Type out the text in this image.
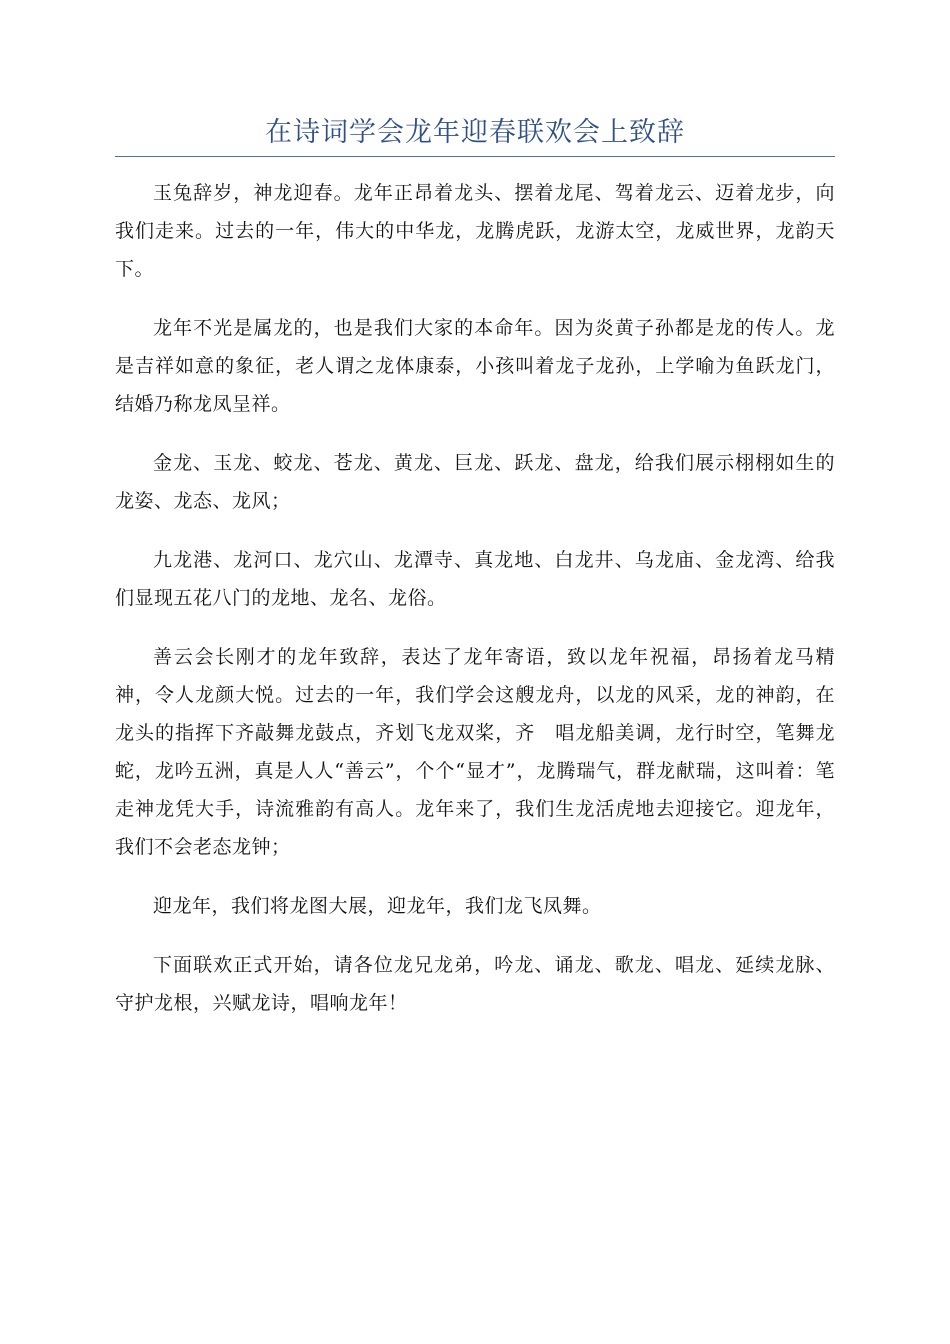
在诗词学会龙年迎春联欢会上致辞

玉兔辞岁，神龙迎春。龙年正昂着龙头、摆着龙尾、驾着龙云、迈着龙步，向我们走来。过去的一年，伟大的中华龙，龙腾虎跃，龙游太空，龙威世界，龙韵天下。

龙年不光是属龙的，也是我们大家的本命年。因为炎黄子孙都是龙的传人。龙是吉祥如意的象征，老人谓之龙体康泰，小孩叫着龙子龙孙，上学喻为鱼跃龙门，结婚乃称龙凤呈祥。

金龙、玉龙、蛟龙、苍龙、黄龙、巨龙、跃龙、盘龙，给我们展示栩栩如生的龙姿、龙态、龙风；

九龙港、龙河口、龙穴山、龙潭寺、真龙地、白龙井、乌龙庙、金龙湾、给我们显现五花八门的龙地、龙名、龙俗。

善云会长刚才的龙年致辞，表达了龙年寄语，致以龙年祝福，昂扬着龙马精神，令人龙颜大悦。过去的一年，我们学会这艘龙舟，以龙的风采，龙的神韵，在龙头的指挥下齐敲舞龙鼓点，齐划飞龙双桨，齐　唱龙船美调，龙行时空，笔舞龙蛇，龙吟五洲，真是人人“善云”，个个“显才”，龙腾瑞气，群龙献瑞，这叫着：笔走神龙凭大手，诗流雅韵有高人。龙年来了，我们生龙活虎地去迎接它。迎龙年，我们不会老态龙钟；

迎龙年，我们将龙图大展，迎龙年，我们龙飞凤舞。

下面联欢正式开始，请各位龙兄龙弟，吟龙、诵龙、歌龙、唱龙、延续龙脉、守护龙根，兴赋龙诗，唱响龙年！
